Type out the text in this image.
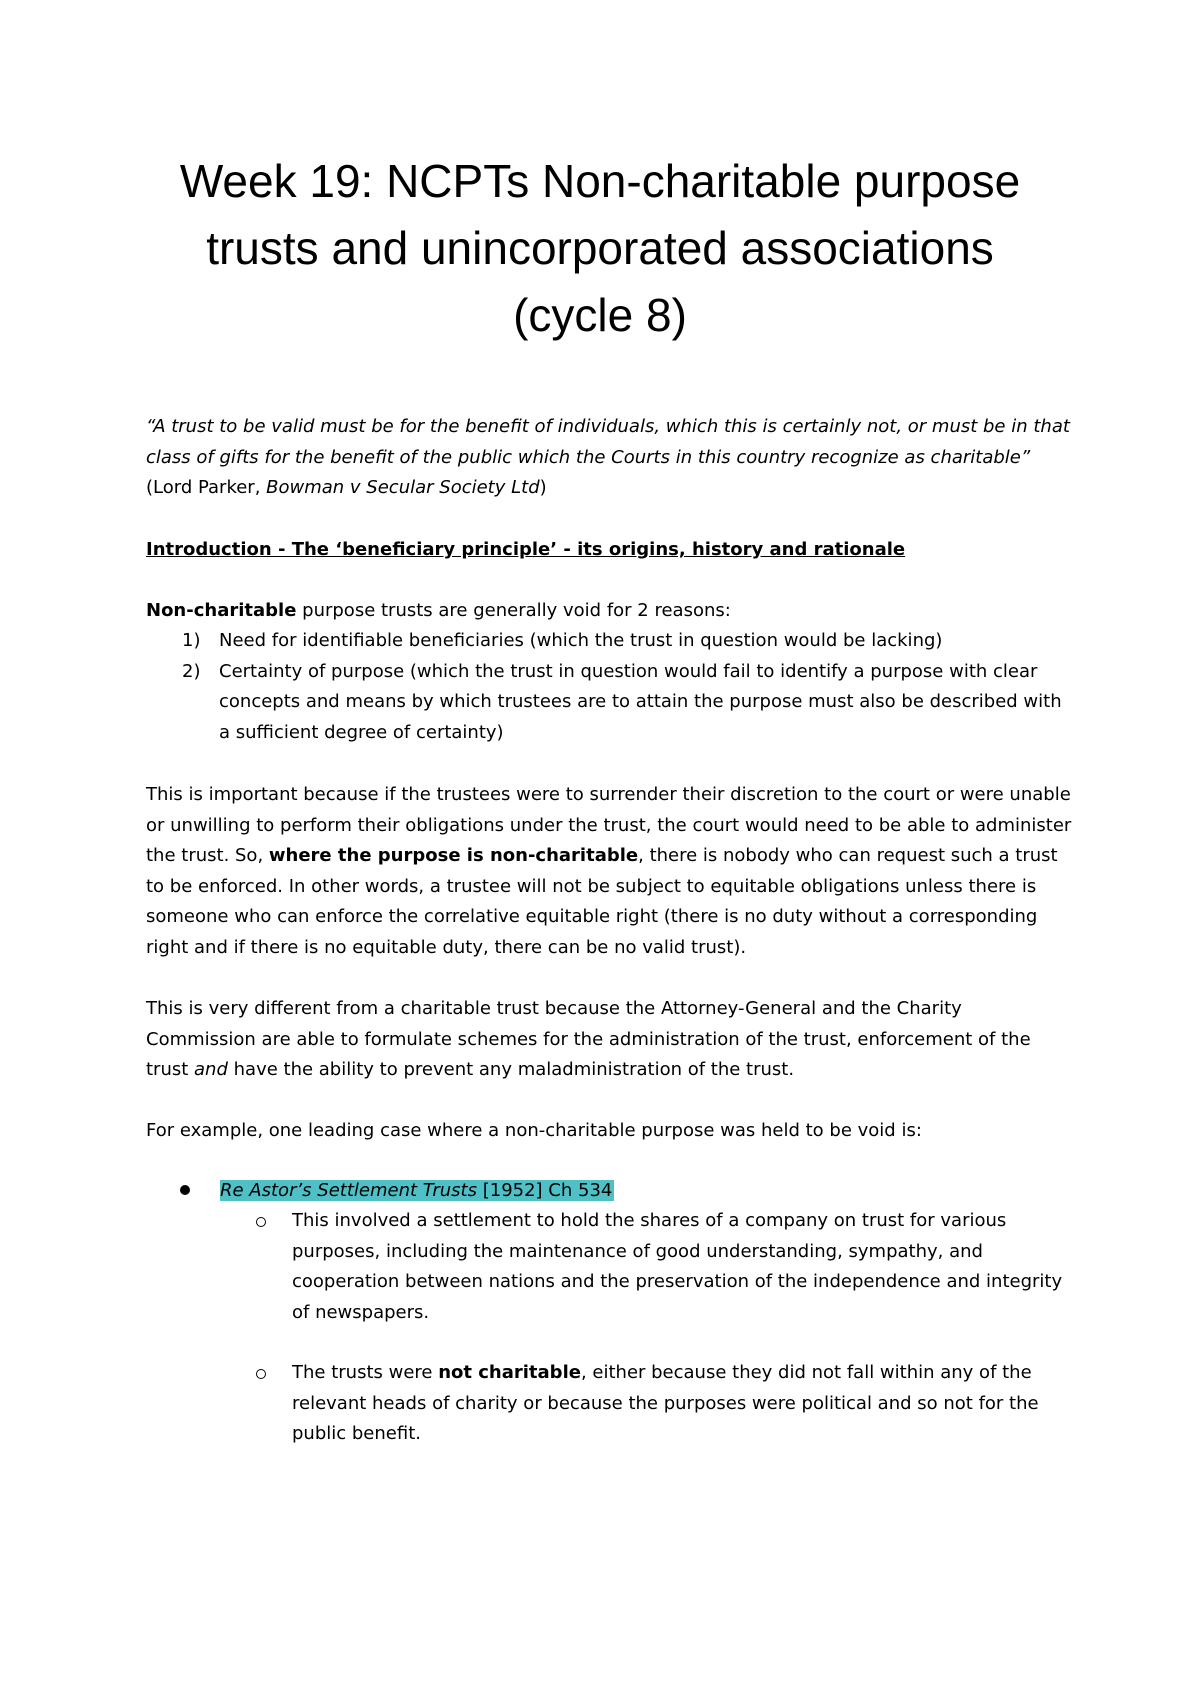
Week 19: NCPTs Non-charitable purpose
trusts and unincorporated associations
(cycle 8)

“A trust to be valid must be for the benefit of individuals, which this is certainly not, or must be in that class of gifts for the benefit of the public which the Courts in this country recognize as charitable” (Lord Parker, Bowman v Secular Society Ltd)

Introduction - The ‘beneficiary principle’ - its origins, history and rationale

Non-charitable purpose trusts are generally void for 2 reasons:

1) Need for identifiable beneficiaries (which the trust in question would be lacking)
2) Certainty of purpose (which the trust in question would fail to identify a purpose with clear concepts and means by which trustees are to attain the purpose must also be described with a sufficient degree of certainty)

This is important because if the trustees were to surrender their discretion to the court or were unable or unwilling to perform their obligations under the trust, the court would need to be able to administer the trust. So, where the purpose is non-charitable, there is nobody who can request such a trust to be enforced. In other words, a trustee will not be subject to equitable obligations unless there is someone who can enforce the correlative equitable right (there is no duty without a corresponding right and if there is no equitable duty, there can be no valid trust).

This is very different from a charitable trust because the Attorney-General and the Charity Commission are able to formulate schemes for the administration of the trust, enforcement of the trust and have the ability to prevent any maladministration of the trust.

For example, one leading case where a non-charitable purpose was held to be void is:

Re Astor’s Settlement Trusts [1952] Ch 534
This involved a settlement to hold the shares of a company on trust for various purposes, including the maintenance of good understanding, sympathy, and cooperation between nations and the preservation of the independence and integrity of newspapers.
The trusts were not charitable, either because they did not fall within any of the relevant heads of charity or because the purposes were political and so not for the public benefit.
